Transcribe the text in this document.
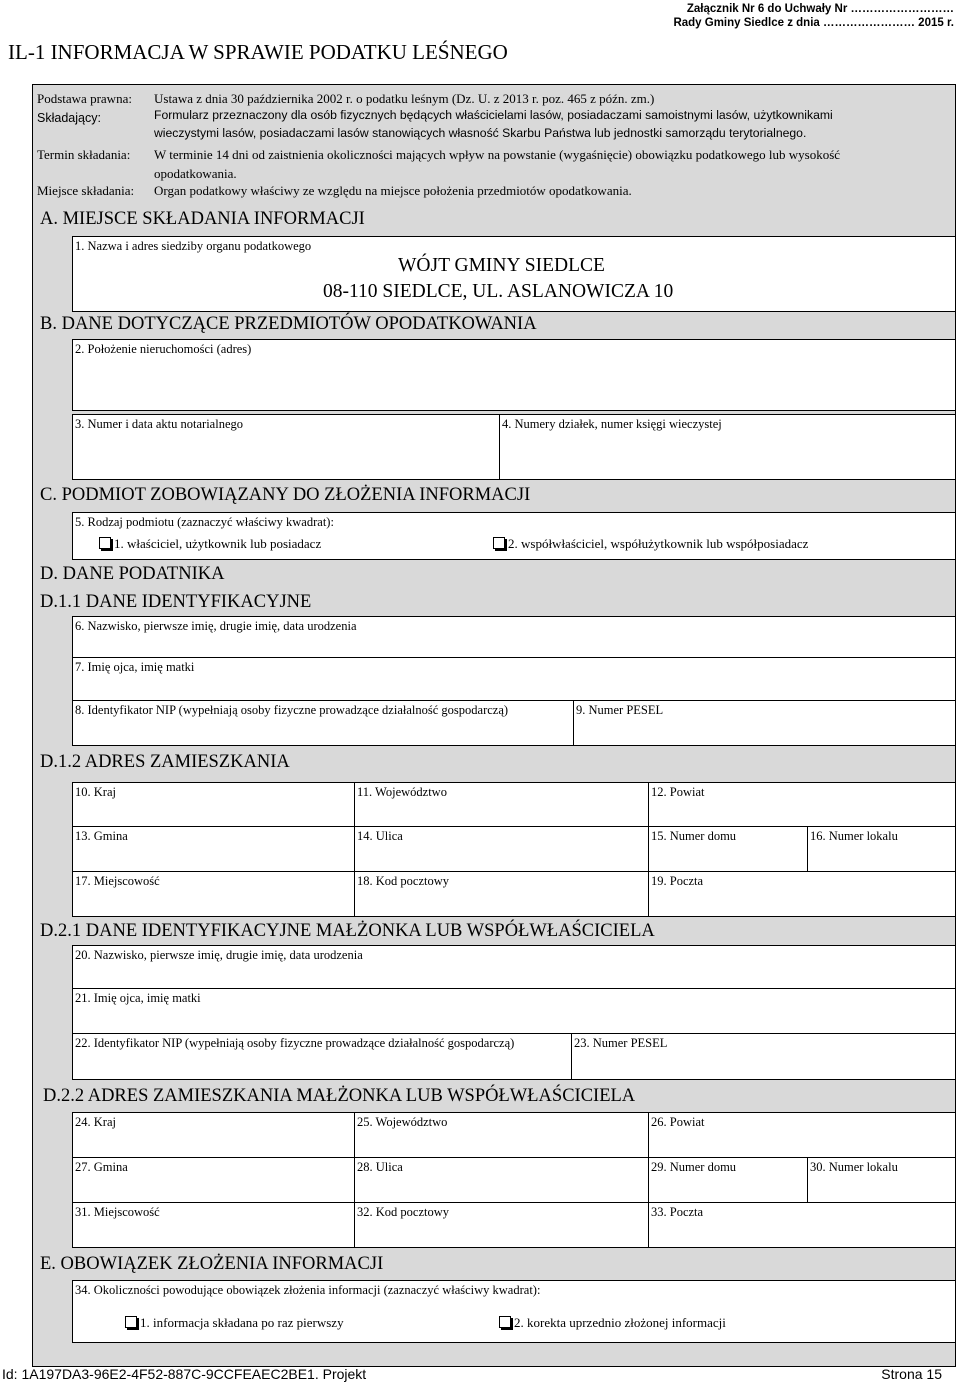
Załącznik Nr 6 do Uchwały Nr ………………………
Rady Gminy Siedlce z dnia …………………… 2015 r.
IL-1 INFORMACJA W SPRAWIE PODATKU LEŚNEGO
Podstawa prawna: Ustawa z dnia 30 października 2002 r. o podatku leśnym (Dz. U. z 2013 r. poz. 465 z późn. zm.)
Składający:	Formularz przeznaczony dla osób fizycznych będących właścicielami lasów, posiadaczami samoistnymi lasów, użytkownikami
wieczystymi lasów, posiadaczami lasów stanowiących własność Skarbu Państwa lub jednostki samorządu terytorialnego.
Termin składania: W terminie 14 dni od zaistnienia okoliczności mających wpływ na powstanie (wygaśnięcie) obowiązku podatkowego lub wysokość
opodatkowania.
Miejsce składania: Organ podatkowy właściwy ze względu na miejsce położenia przedmiotów opodatkowania.
A. MIEJSCE SKŁADANIA INFORMACJI
1. Nazwa i adres siedziby organu podatkowego
WÓJT GMINY SIEDLCE
08-110 SIEDLCE, UL. ASLANOWICZA 10
B. DANE DOTYCZĄCE PRZEDMIOTÓW OPODATKOWANIA
2. Położenie nieruchomości (adres)
3. Numer i data aktu notarialnego	4. Numery działek, numer księgi wieczystej
C. PODMIOT ZOBOWIĄZANY DO ZŁOŻENIA INFORMACJI
5. Rodzaj podmiotu (zaznaczyć właściwy kwadrat):
1. właściciel, użytkownik lub posiadacz	2. współwłaściciel, współużytkownik lub współposiadacz
D. DANE PODATNIKA
D.1.1 DANE IDENTYFIKACYJNE
6. Nazwisko, pierwsze imię, drugie imię, data urodzenia
7. Imię ojca, imię matki
8. Identyfikator NIP (wypełniają osoby fizyczne prowadzące działalność gospodarczą)	9. Numer PESEL
D.1.2 ADRES ZAMIESZKANIA
10. Kraj	11. Województwo	12. Powiat
13. Gmina	14. Ulica	15. Numer domu	16. Numer lokalu
17. Miejscowość	18. Kod pocztowy	19. Poczta
D.2.1 DANE IDENTYFIKACYJNE MAŁŻONKA LUB WSPÓŁWŁAŚCICIELA
20. Nazwisko, pierwsze imię, drugie imię, data urodzenia
21. Imię ojca, imię matki
22. Identyfikator NIP (wypełniają osoby fizyczne prowadzące działalność gospodarczą)	23. Numer PESEL
D.2.2 ADRES ZAMIESZKANIA MAŁŻONKA LUB WSPÓŁWŁAŚCICIELA
24. Kraj	25. Województwo	26. Powiat
27. Gmina	28. Ulica	29. Numer domu	30. Numer lokalu
31. Miejscowość	32. Kod pocztowy	33. Poczta
E. OBOWIĄZEK ZŁOŻENIA INFORMACJI
34. Okoliczności powodujące obowiązek złożenia informacji (zaznaczyć właściwy kwadrat):
1. informacja składana po raz pierwszy	2. korekta uprzednio złożonej informacji
Id: 1A197DA3-96E2-4F52-887C-9CCFEAEC2BE1. Projekt	Strona 15
